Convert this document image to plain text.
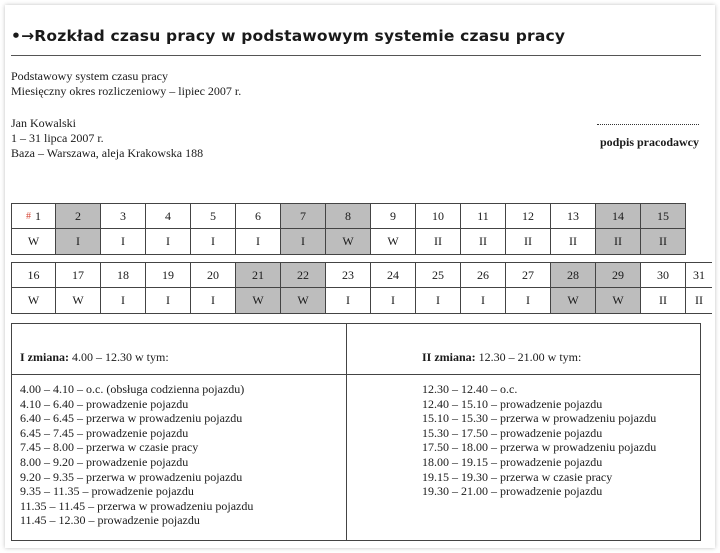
•→Rozkład czasu pracy w podstawowym systemie czasu pracy
Podstawowy system czasu pracy
Miesięczny okres rozliczeniowy – lipiec 2007 r.
Jan Kowalski
1 – 31 lipca 2007 r.
Baza – Warszawa, aleja Krakowska 188
podpis pracodawcy
# 1
W
2
I
3
I
4
I
5
I
6
I
7
I
8
W
9
W
10
II
11
II
12
II
13
II
14
II
15
II
16
W
17
W
18
I
19
I
20
I
21
W
22
W
23
I
24
I
25
I
26
I
27
I
28
W
29
W
30
II
31
II
I zmiana: 4.00 – 12.30 w tym:
4.00 – 4.10 – o.c. (obsługa codzienna pojazdu)
4.10 – 6.40 – prowadzenie pojazdu
6.40 – 6.45 – przerwa w prowadzeniu pojazdu
6.45 – 7.45 – prowadzenie pojazdu
7.45 – 8.00 – przerwa w czasie pracy
8.00 – 9.20 – prowadzenie pojazdu
9.20 – 9.35 – przerwa w prowadzeniu pojazdu
9.35 – 11.35 – prowadzenie pojazdu
11.35 – 11.45 – przerwa w prowadzeniu pojazdu
11.45 – 12.30 – prowadzenie pojazdu
II zmiana: 12.30 – 21.00 w tym:
12.30 – 12.40 – o.c.
12.40 – 15.10 – prowadzenie pojazdu
15.10 – 15.30 – przerwa w prowadzeniu pojazdu
15.30 – 17.50 – prowadzenie pojazdu
17.50 – 18.00 – przerwa w prowadzeniu pojazdu
18.00 – 19.15 – prowadzenie pojazdu
19.15 – 19.30 – przerwa w czasie pracy
19.30 – 21.00 – prowadzenie pojazdu
